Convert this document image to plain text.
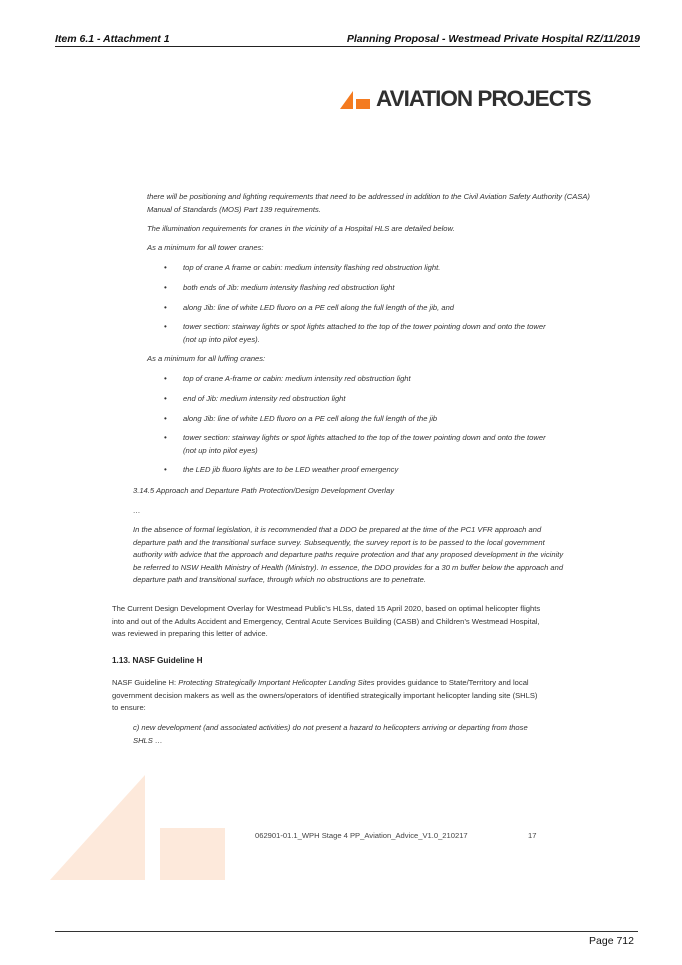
Item 6.1 - Attachment 1	Planning Proposal - Westmead Private Hospital RZ/11/2019
AVIATION PROJECTS

there will be positioning and lighting requirements that need to be addressed in addition to the Civil Aviation Safety Authority (CASA) Manual of Standards (MOS) Part 139 requirements.

The illumination requirements for cranes in the vicinity of a Hospital HLS are detailed below.

As a minimum for all tower cranes:

• top of crane A frame or cabin: medium intensity flashing red obstruction light.
• both ends of Jib: medium intensity flashing red obstruction light
• along Jib: line of white LED fluoro on a PE cell along the full length of the jib, and
• tower section: stairway lights or spot lights attached to the top of the tower pointing down and onto the tower (not up into pilot eyes).

As a minimum for all luffing cranes:

• top of crane A-frame or cabin: medium intensity red obstruction light
• end of Jib: medium intensity red obstruction light
• along Jib: line of white LED fluoro on a PE cell along the full length of the jib
• tower section: stairway lights or spot lights attached to the top of the tower pointing down and onto the tower (not up into pilot eyes)
• the LED jib fluoro lights are to be LED weather proof emergency

3.14.5 Approach and Departure Path Protection/Design Development Overlay

…

In the absence of formal legislation, it is recommended that a DDO be prepared at the time of the PC1 VFR approach and departure path and the transitional surface survey. Subsequently, the survey report is to be passed to the local government authority with advice that the approach and departure paths require protection and that any proposed development in the vicinity be referred to NSW Health Ministry of Health (Ministry). In essence, the DDO provides for a 30 m buffer below the approach and departure path and transitional surface, through which no obstructions are to penetrate.

The Current Design Development Overlay for Westmead Public’s HLSs, dated 15 April 2020, based on optimal helicopter flights into and out of the Adults Accident and Emergency, Central Acute Services Building (CASB) and Children’s Westmead Hospital, was reviewed in preparing this letter of advice.

1.13. NASF Guideline H

NASF Guideline H: Protecting Strategically Important Helicopter Landing Sites provides guidance to State/Territory and local government decision makers as well as the owners/operators of identified strategically important helicopter landing site (SHLS) to ensure:

c) new development (and associated activities) do not present a hazard to helicopters arriving or departing from those SHLS …

062901-01.1_WPH Stage 4 PP_Aviation_Advice_V1.0_210217	17
Page 712
